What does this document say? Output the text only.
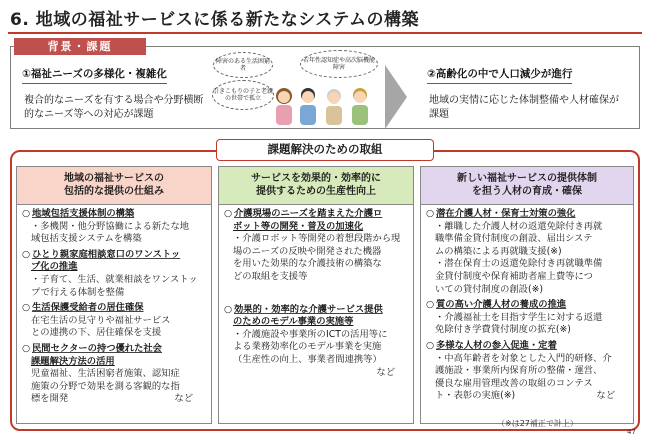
6. 地域の福祉サービスに係る新たなシステムの構築
背景・課題
①福祉ニーズの多様化・複雑化
複合的なニーズを有する場合や分野横断的なニーズ等への対応が課題
障害のある生活困窮者
若年性認知症や高次脳機能障害
引きこもりの子と老親の世帯で孤立
②高齢化の中で人口減少が進行
地域の実情に応じた体制整備や人材確保が課題
課題解決のための取組
地域の福祉サービスの
包括的な提供の仕組み
○ 地域包括支援体制の構築
・多機関・他分野協働による新たな地
域包括支援システムを構築
○ ひとり親家庭相談窓口のワンストッ
プ化の推進
・子育て、生活、就業相談をワンストッ
プで行える体制を整備
○ 生活保護受給者の居住確保
在宅生活の見守りや福祉サービス
との連携の下、居住確保を支援
○ 民間セクターの持つ優れた社会
課題解決方法の活用
児童福祉、生活困窮者施策、認知症
施策の分野で効果を測る客観的な指
標を開発	など
サービスを効果的・効率的に
提供するための生産性向上
○ 介護現場のニーズを踏まえた介護ロ
ボット等の開発・普及の加速化
・介護ロボット等開発の着想段階から現
場のニーズの反映や開発された機器
を用いた効果的な介護技術の構築な
どの取組を支援等
○ 効果的・効率的な介護サービス提供
のためのモデル事業の実施等
・介護施設や事業所のICTの活用等に
よる業務効率化のモデル事業を実施
（生産性の向上、事業者間連携等）
など
新しい福祉サービスの提供体制
を担う人材の育成・確保
○ 潜在介護人材・保育士対策の強化
・離職した介護人材の返還免除付き再就
職準備金貸付制度の創設、届出システ
ムの構築による再就職支援(※)
・潜在保育士の返還免除付き再就職準備
金貸付制度や保育補助者雇上費等につ
いての貸付制度の創設(※)
○ 質の高い介護人材の養成の推進
・介護福祉士を目指す学生に対する返還
免除付き学費貸付制度の拡充(※)
○ 多様な人材の参入促進・定着
・中高年齢者を対象とした入門的研修、介
護施設・事業所内保育所の整備・運営、
優良な雇用管理改善の取組のコンテス
ト・表彰の実施(※)	など
（※は27補正で計上）
47
